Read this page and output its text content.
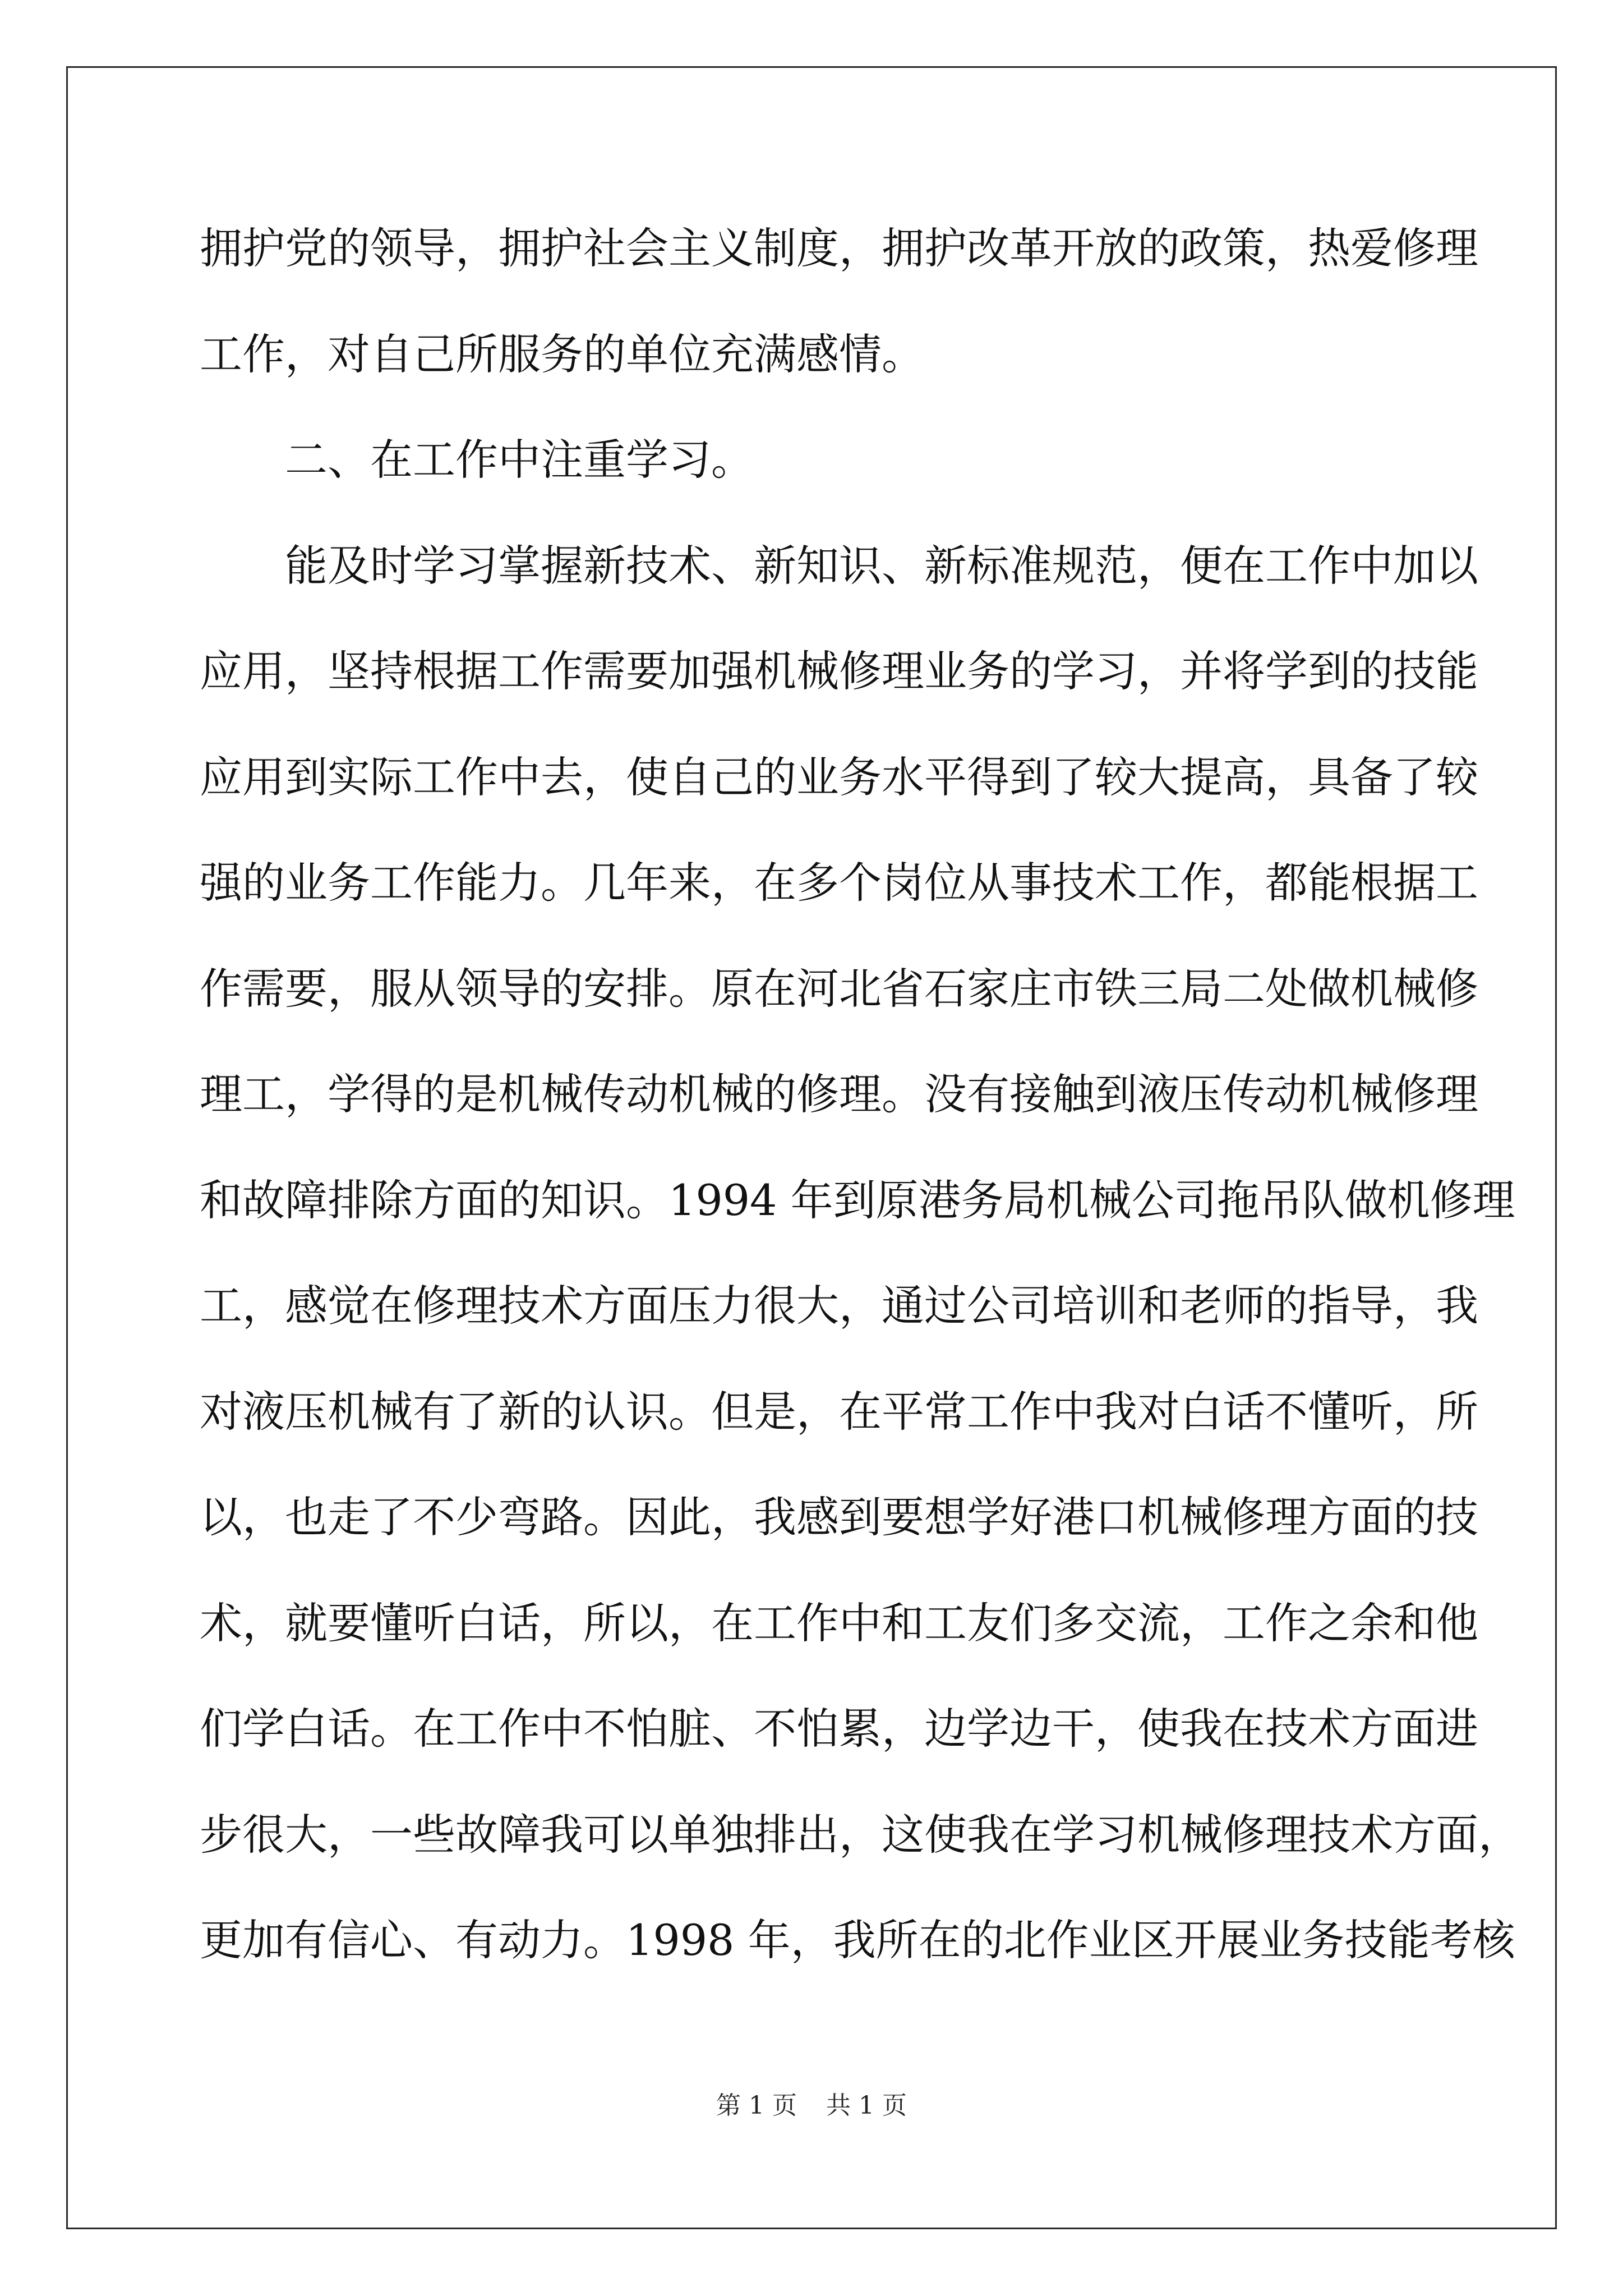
拥护党的领导，拥护社会主义制度，拥护改革开放的政策，热爱修理
工作，对自己所服务的单位充满感情。
二、在工作中注重学习。
能及时学习掌握新技术、新知识、新标准规范，便在工作中加以
应用，坚持根据工作需要加强机械修理业务的学习，并将学到的技能
应用到实际工作中去，使自己的业务水平得到了较大提高，具备了较
强的业务工作能力。几年来，在多个岗位从事技术工作，都能根据工
作需要，服从领导的安排。原在河北省石家庄市铁三局二处做机械修
理工，学得的是机械传动机械的修理。没有接触到液压传动机械修理
和故障排除方面的知识。1994 年到原港务局机械公司拖吊队做机修理
工，感觉在修理技术方面压力很大，通过公司培训和老师的指导，我
对液压机械有了新的认识。但是，在平常工作中我对白话不懂听，所
以，也走了不少弯路。因此，我感到要想学好港口机械修理方面的技
术，就要懂听白话，所以，在工作中和工友们多交流，工作之余和他
们学白话。在工作中不怕脏、不怕累，边学边干，使我在技术方面进
步很大，一些故障我可以单独排出，这使我在学习机械修理技术方面，
更加有信心、有动力。1998 年，我所在的北作业区开展业务技能考核
第 1 页 共 1 页
